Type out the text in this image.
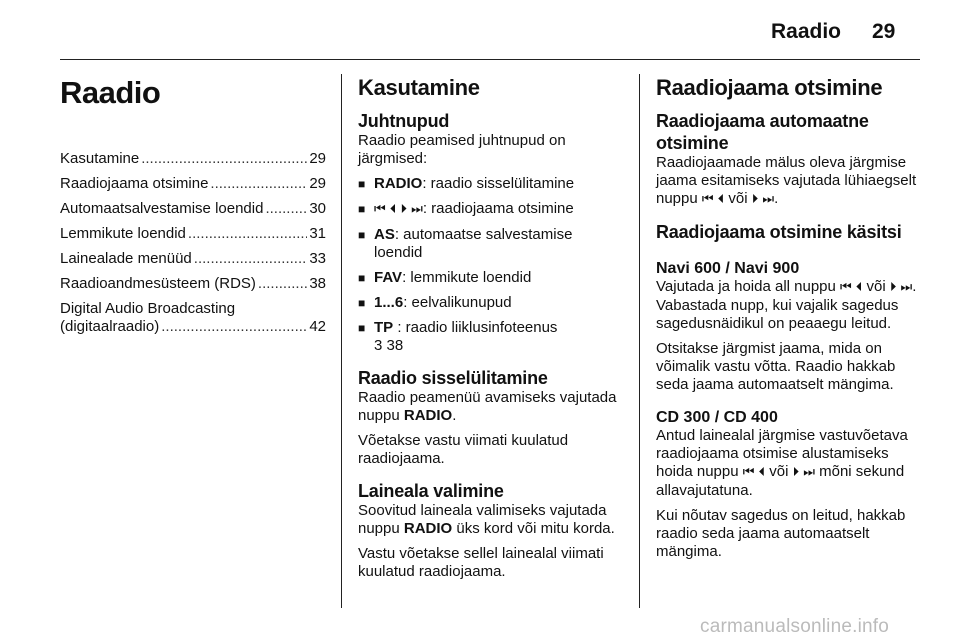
Raadio 29
Raadio
Kasutamine .....	29
Raadiojaama otsimine .....	29
Automaatsalvestamise loendid .....	30
Lemmikute loendid .....	31
Lainealade menüüd .....	33
Raadioandmesüsteem (RDS) .....	38
Digital Audio Broadcasting
(digitaalraadio) .....	42
Kasutamine
Juhtnupud

Raadio peamised juhtnupud on järgmised:

■ RADIO: raadio sisselülitamine
■ ⏮ ⏴ ⏵ ⏭: raadiojaama otsimine
■ AS: automaatse salvestamise loendid
■ FAV: lemmikute loendid
■ 1...6: eelvalikunupud
■ TP : raadio liiklusinfoteenus
3 38
Raadio sisselülitamine

Raadio peamenüü avamiseks vajutada nuppu RADIO.

Võetakse vastu viimati kuulatud raadiojaama.

Laineala valimine

Soovitud laineala valimiseks vajutada nuppu RADIO üks kord või mitu korda.

Vastu võetakse sellel lainealal viimati kuulatud raadiojaama.

Raadiojaama otsimine
Raadiojaama automaatne otsimine

Raadiojaamade mälus oleva järgmise jaama esitamiseks vajutada lühiaegselt nuppu ⏮ ⏴ või ⏵ ⏭.

Raadiojaama otsimine käsitsi
Navi 600 / Navi 900

Vajutada ja hoida all nuppu ⏮ ⏴ või ⏵ ⏭. Vabastada nupp, kui vajalik sagedus sagedusnäidikul on peaaegu leitud.

Otsitakse järgmist jaama, mida on võimalik vastu võtta. Raadio hakkab seda jaama automaatselt mängima.

CD 300 / CD 400

Antud lainealal järgmise vastuvõetava raadiojaama otsimise alustamiseks hoida nuppu ⏮ ⏴ või ⏵ ⏭ mõni sekund allavajutatuna.

Kui nõutav sagedus on leitud, hakkab raadio seda jaama automaatselt mängima.

carmanualsonline.info
